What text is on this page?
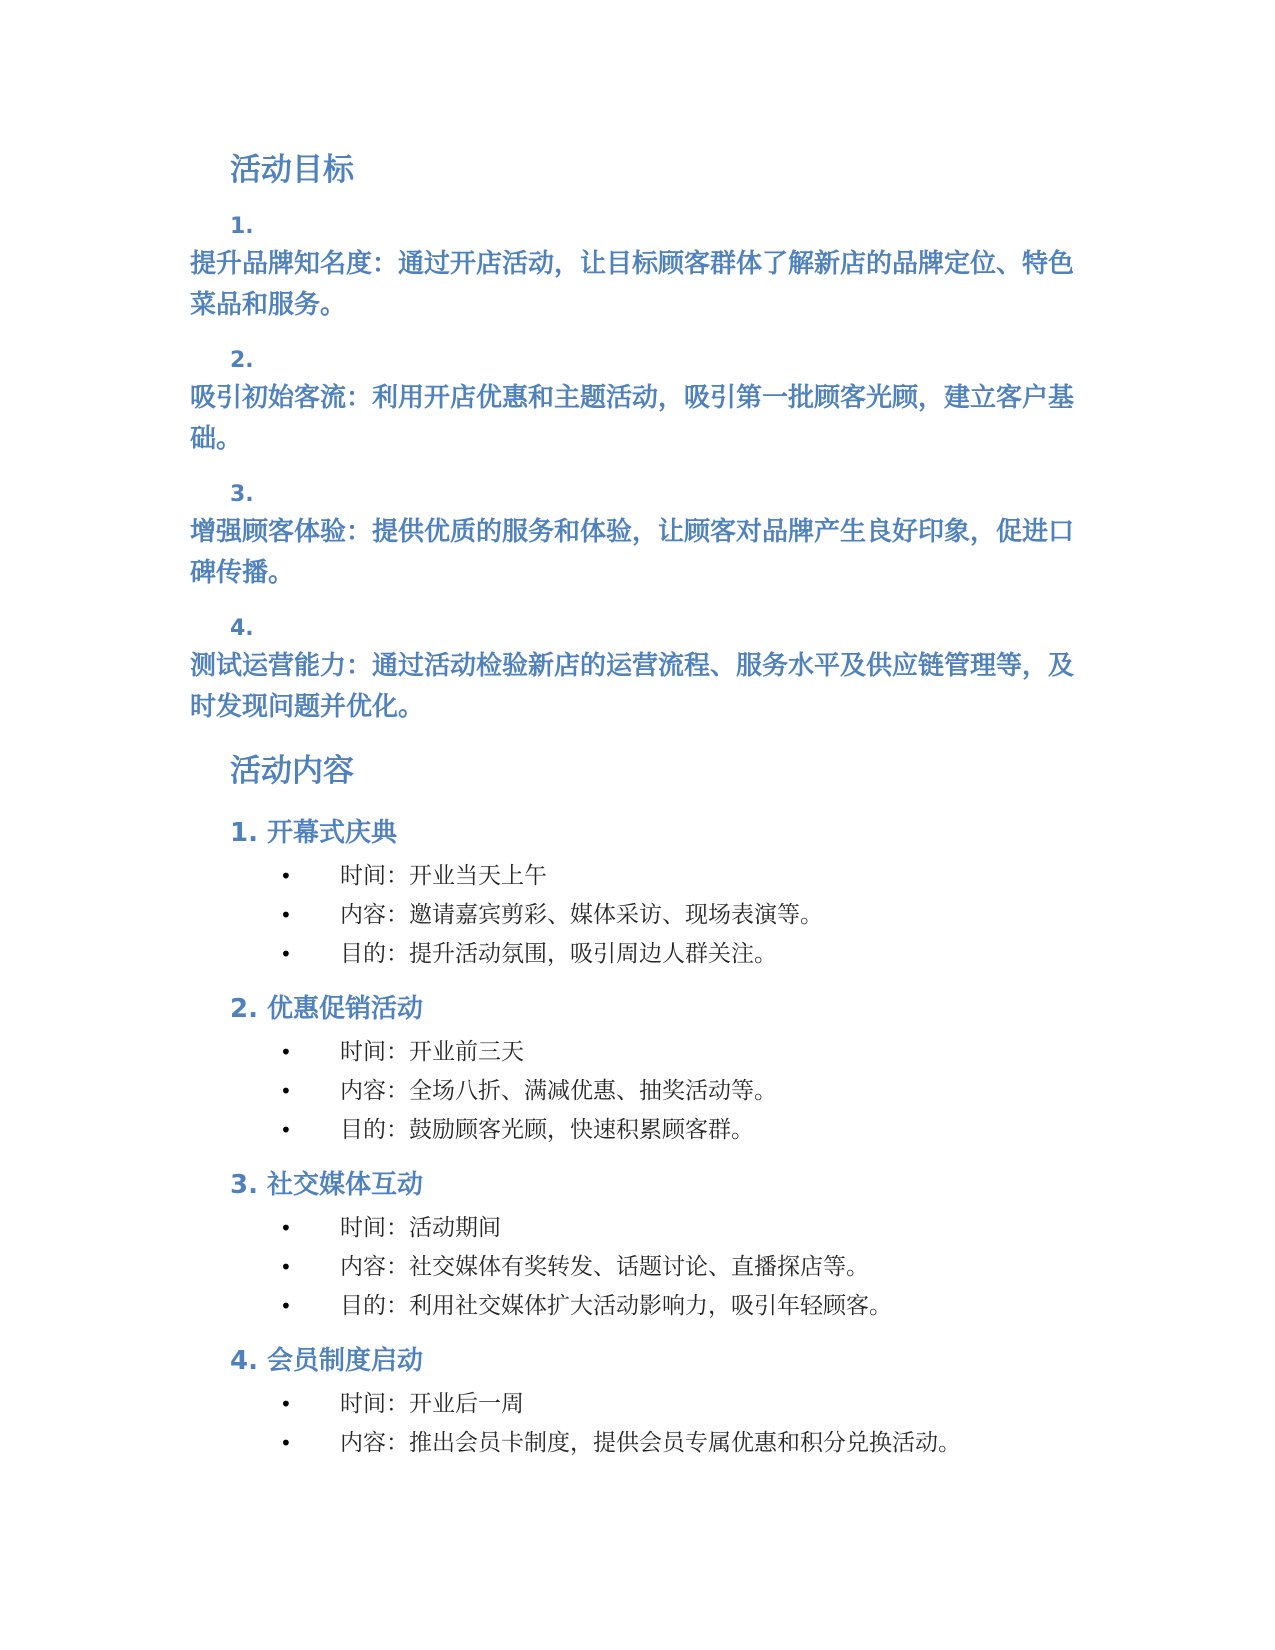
活动目标
1.
提升品牌知名度：通过开店活动，让目标顾客群体了解新店的品牌定位、特色菜品和服务。
2.
吸引初始客流：利用开店优惠和主题活动，吸引第一批顾客光顾，建立客户基础。
3.
增强顾客体验：提供优质的服务和体验，让顾客对品牌产生良好印象，促进口碑传播。
4.
测试运营能力：通过活动检验新店的运营流程、服务水平及供应链管理等，及时发现问题并优化。
活动内容
1. 开幕式庆典
• 时间：开业当天上午
• 内容：邀请嘉宾剪彩、媒体采访、现场表演等。
• 目的：提升活动氛围，吸引周边人群关注。
2. 优惠促销活动
• 时间：开业前三天
• 内容：全场八折、满减优惠、抽奖活动等。
• 目的：鼓励顾客光顾，快速积累顾客群。
3. 社交媒体互动
• 时间：活动期间
• 内容：社交媒体有奖转发、话题讨论、直播探店等。
• 目的：利用社交媒体扩大活动影响力，吸引年轻顾客。
4. 会员制度启动
• 时间：开业后一周
• 内容：推出会员卡制度，提供会员专属优惠和积分兑换活动。
